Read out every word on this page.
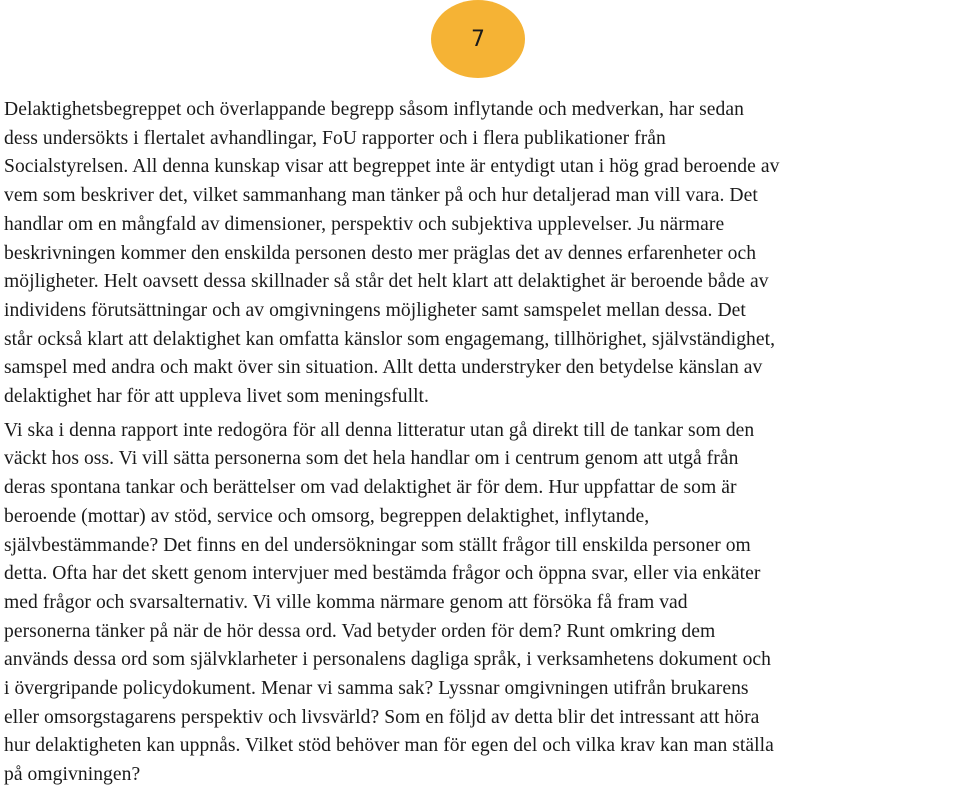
7
Delaktighetsbegreppet och överlappande begrepp såsom inflytande och medverkan, har sedan
dess undersökts i flertalet avhandlingar, FoU rapporter och i flera publikationer från
Socialstyrelsen. All denna kunskap visar att begreppet inte är entydigt utan i hög grad beroende av
vem som beskriver det, vilket sammanhang man tänker på och hur detaljerad man vill vara. Det
handlar om en mångfald av dimensioner, perspektiv och subjektiva upplevelser. Ju närmare
beskrivningen kommer den enskilda personen desto mer präglas det av dennes erfarenheter och
möjligheter. Helt oavsett dessa skillnader så står det helt klart att delaktighet är beroende både av
individens förutsättningar och av omgivningens möjligheter samt samspelet mellan dessa. Det
står också klart att delaktighet kan omfatta känslor som engagemang, tillhörighet, självständighet,
samspel med andra och makt över sin situation. Allt detta understryker den betydelse känslan av
delaktighet har för att uppleva livet som meningsfullt.
Vi ska i denna rapport inte redogöra för all denna litteratur utan gå direkt till de tankar som den
väckt hos oss. Vi vill sätta personerna som det hela handlar om i centrum genom att utgå från
deras spontana tankar och berättelser om vad delaktighet är för dem. Hur uppfattar de som är
beroende (mottar) av stöd, service och omsorg, begreppen delaktighet, inflytande,
självbestämmande? Det finns en del undersökningar som ställt frågor till enskilda personer om
detta. Ofta har det skett genom intervjuer med bestämda frågor och öppna svar, eller via enkäter
med frågor och svarsalternativ. Vi ville komma närmare genom att försöka få fram vad
personerna tänker på när de hör dessa ord. Vad betyder orden för dem? Runt omkring dem
används dessa ord som självklarheter i personalens dagliga språk, i verksamhetens dokument och
i övergripande policydokument. Menar vi samma sak? Lyssnar omgivningen utifrån brukarens
eller omsorgstagarens perspektiv och livsvärld? Som en följd av detta blir det intressant att höra
hur delaktigheten kan uppnås. Vilket stöd behöver man för egen del och vilka krav kan man ställa
på omgivningen?
